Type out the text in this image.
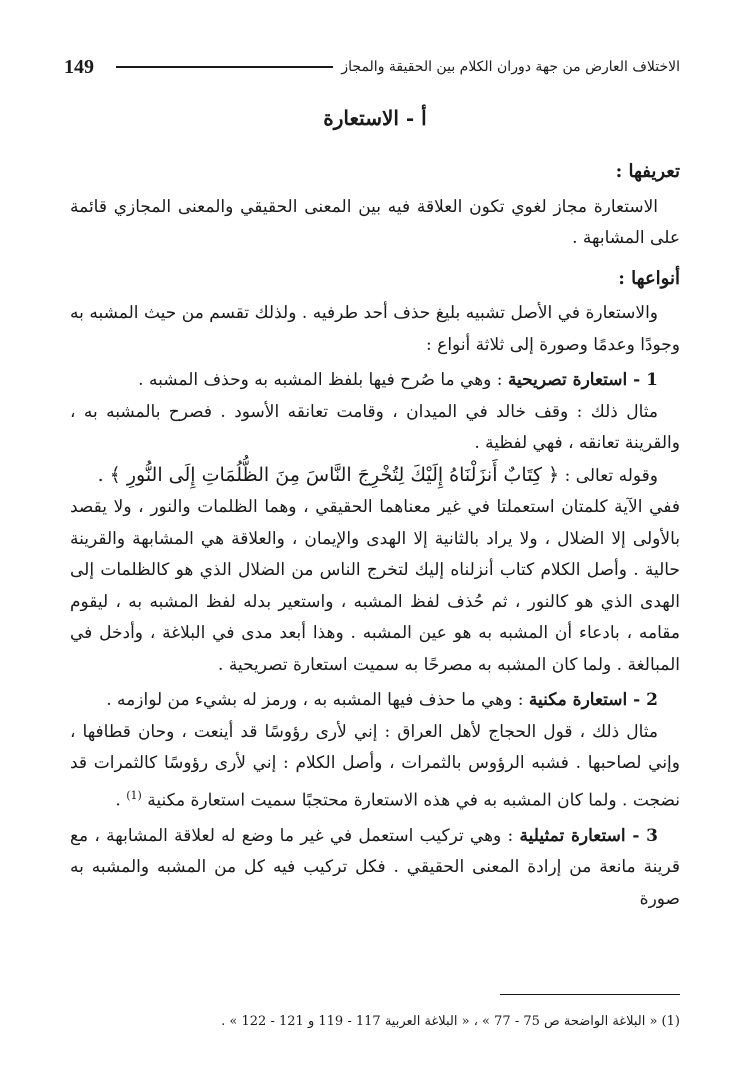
149	الاختلاف العارض من جهة دوران الكلام بين الحقيقة والمجاز
أ - الاستعارة
تعريفها :

الاستعارة مجاز لغوي تكون العلاقة فيه بين المعنى الحقيقي والمعنى المجازي قائمة على المشابهة .

أنواعها :

والاستعارة في الأصل تشبيه بليغ حذف أحد طرفيه . ولذلك تقسم من حيث المشبه به وجودًا وعدمًا وصورة إلى ثلاثة أنواع :

1 - استعارة تصريحية : وهي ما صُرح فيها بلفظ المشبه به وحذف المشبه .

مثال ذلك : وقف خالد في الميدان ، وقامت تعانقه الأسود . فصرح بالمشبه به ، والقرينة تعانقه ، فهي لفظية .

وقوله تعالى : ﴿ كِتَابٌ أَنزَلْنَاهُ إِلَيْكَ لِتُخْرِجَ النَّاسَ مِنَ الظُّلُمَاتِ إِلَى النُّورِ ﴾ .

ففي الآية كلمتان استعملتا في غير معناهما الحقيقي ، وهما الظلمات والنور ، ولا يقصد بالأولى إلا الضلال ، ولا يراد بالثانية إلا الهدى والإيمان ، والعلاقة هي المشابهة والقرينة حالية . وأصل الكلام كتاب أنزلناه إليك لتخرج الناس من الضلال الذي هو كالظلمات إلى الهدى الذي هو كالنور ، ثم حُذف لفظ المشبه ، واستعير بدله لفظ المشبه به ، ليقوم مقامه ، بادعاء أن المشبه به هو عين المشبه . وهذا أبعد مدى في البلاغة ، وأدخل في المبالغة . ولما كان المشبه به مصرحًا به سميت استعارة تصريحية .

2 - استعارة مكنية : وهي ما حذف فيها المشبه به ، ورمز له بشيء من لوازمه .

مثال ذلك ، قول الحجاج لأهل العراق : إني لأرى رؤوسًا قد أينعت ، وحان قطافها ، وإني لصاحبها . فشبه الرؤوس بالثمرات ، وأصل الكلام : إني لأرى رؤوسًا كالثمرات قد نضجت . ولما كان المشبه به في هذه الاستعارة محتجبًا سميت استعارة مكنية $^{(1)}$ .

3 - استعارة تمثيلية : وهي تركيب استعمل في غير ما وضع له لعلاقة المشابهة ، مع قرينة مانعة من إرادة المعنى الحقيقي . فكل تركيب فيه كل من المشبه والمشبه به صورة

(1) « البلاغة الواضحة ص 75 - 77 » ، « البلاغة العربية 117 - 119 و 121 - 122 » .
